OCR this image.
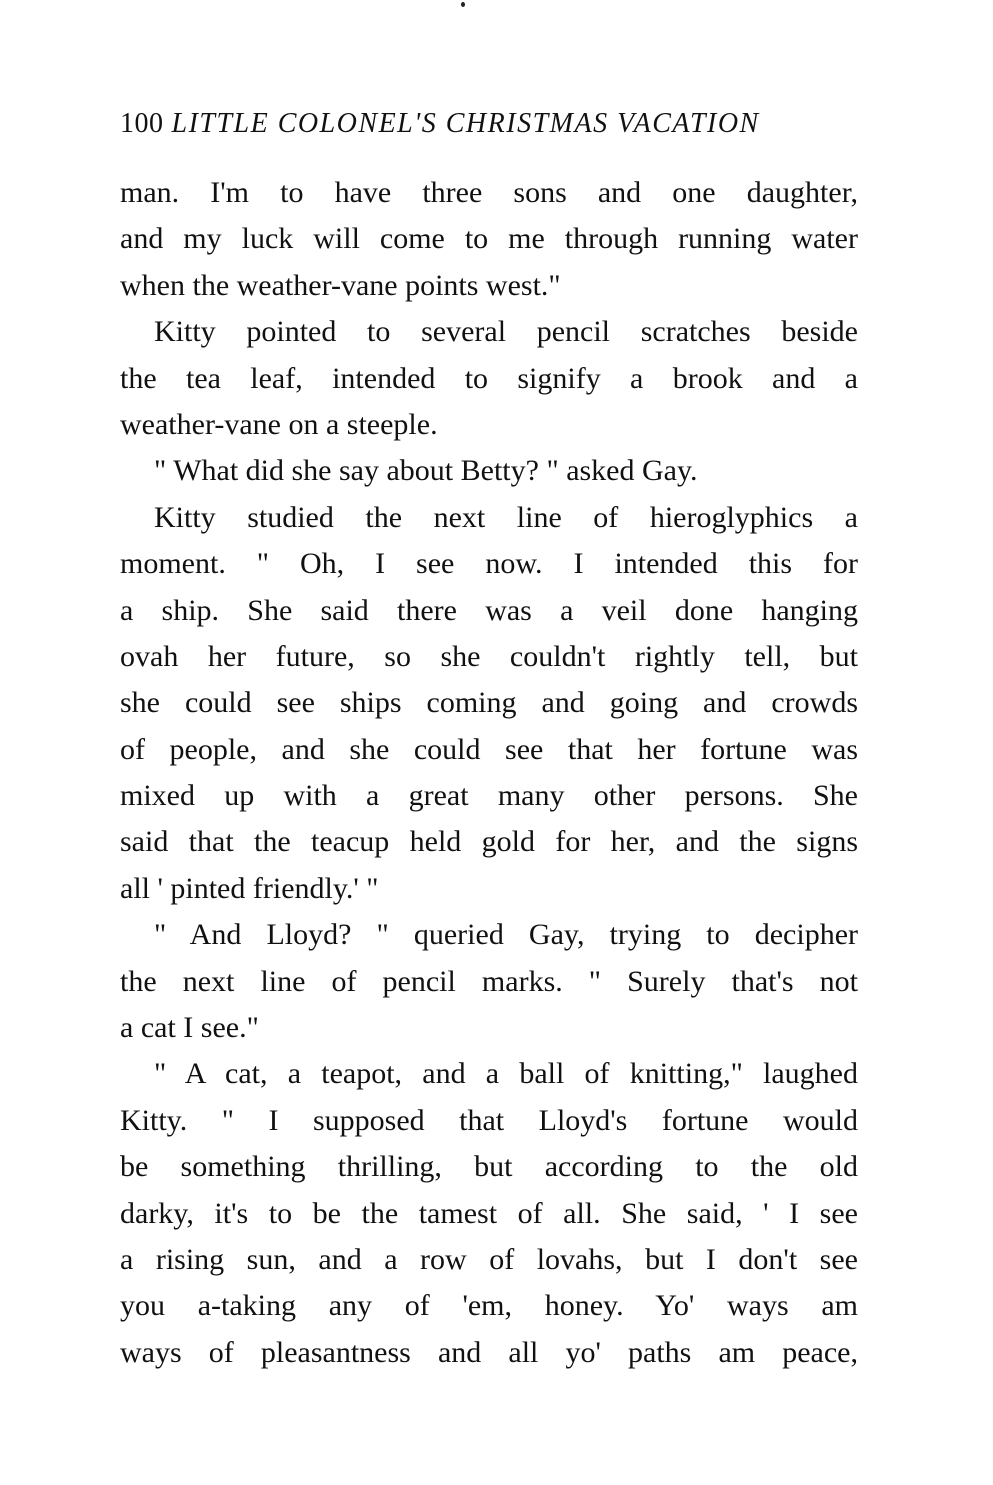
100 LITTLE COLONEL'S CHRISTMAS VACATION
man. I'm to have three sons and one daughter,
and my luck will come to me through running water
when the weather-vane points west."
Kitty pointed to several pencil scratches beside
the tea leaf, intended to signify a brook and a
weather-vane on a steeple.
" What did she say about Betty? " asked Gay.
Kitty studied the next line of hieroglyphics a
moment. " Oh, I see now. I intended this for
a ship. She said there was a veil done hanging
ovah her future, so she couldn't rightly tell, but
she could see ships coming and going and crowds
of people, and she could see that her fortune was
mixed up with a great many other persons. She
said that the teacup held gold for her, and the signs
all ' pinted friendly.' "
" And Lloyd? " queried Gay, trying to decipher
the next line of pencil marks. " Surely that's not
a cat I see."
" A cat, a teapot, and a ball of knitting," laughed
Kitty. " I supposed that Lloyd's fortune would
be something thrilling, but according to the old
darky, it's to be the tamest of all. She said, ' I see
a rising sun, and a row of lovahs, but I don't see
you a-taking any of 'em, honey. Yo' ways am
ways of pleasantness and all yo' paths am peace,
